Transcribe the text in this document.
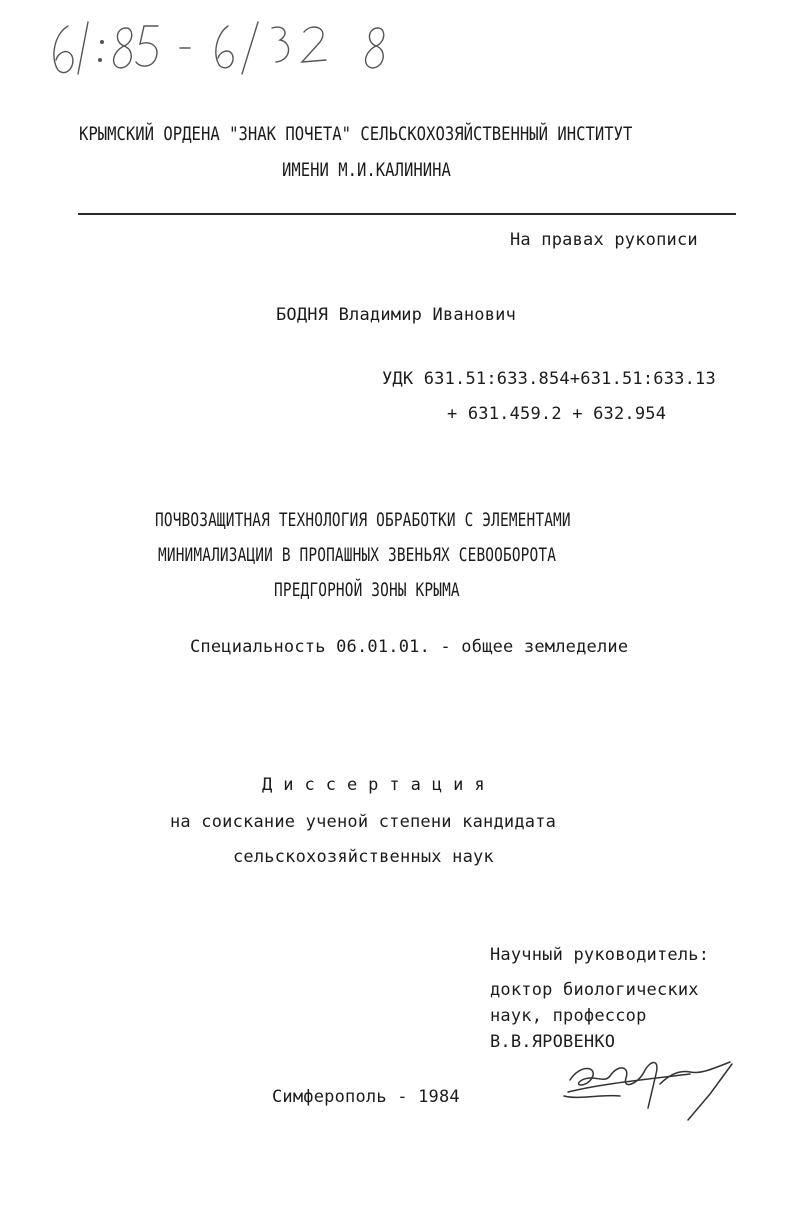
КРЫМСКИЙ ОРДЕНА "ЗНАК ПОЧЕТА" СЕЛЬСКОХОЗЯЙСТВЕННЫЙ ИНСТИТУТ
ИМЕНИ М.И.КАЛИНИНА
На правах рукописи
БОДНЯ Владимир Иванович
УДК 631.51:633.854+631.51:633.13
+ 631.459.2 + 632.954
ПОЧВОЗАЩИТНАЯ ТЕХНОЛОГИЯ ОБРАБОТКИ С ЭЛЕМЕНТАМИ
МИНИМАЛИЗАЦИИ В ПРОПАШНЫХ ЗВЕНЬЯХ СЕВООБОРОТА
ПРЕДГОРНОЙ ЗОНЫ КРЫМА
Специальность 06.01.01. - общее земледелие
Диссертация
на соискание ученой степени кандидата
сельскохозяйственных наук
Научный руководитель:
доктор биологических
наук, профессор
В.В.ЯРОВЕНКО
Симферополь - 1984
